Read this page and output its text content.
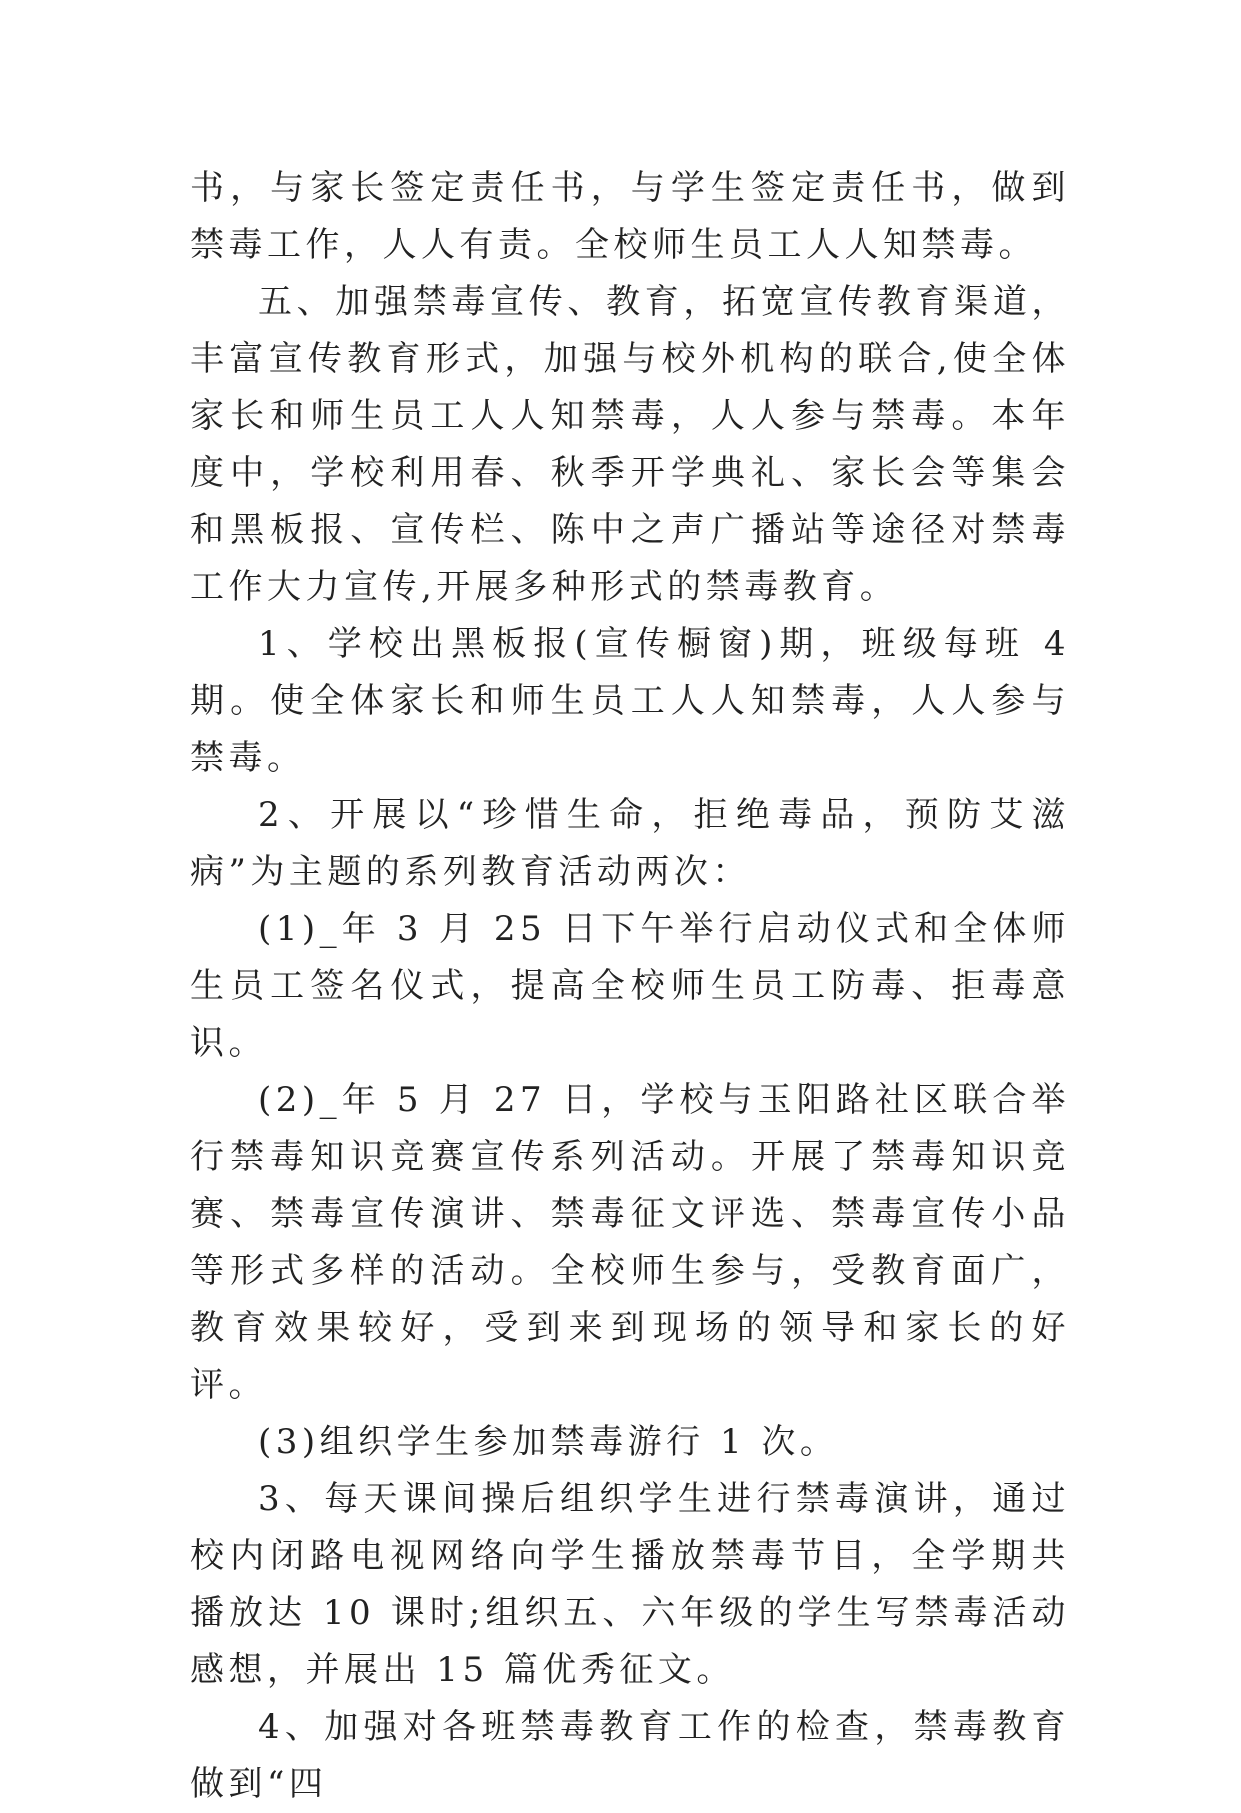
书，与家长签定责任书，与学生签定责任书，做到禁毒工作，人人有责。全校师生员工人人知禁毒。

五、加强禁毒宣传、教育，拓宽宣传教育渠道，丰富宣传教育形式，加强与校外机构的联合,使全体家长和师生员工人人知禁毒，人人参与禁毒。本年度中，学校利用春、秋季开学典礼、家长会等集会和黑板报、宣传栏、陈中之声广播站等途径对禁毒工作大力宣传,开展多种形式的禁毒教育。

1、学校出黑板报(宣传橱窗)期，班级每班 4 期。使全体家长和师生员工人人知禁毒，人人参与禁毒。

2、开展以“珍惜生命，拒绝毒品，预防艾滋病”为主题的系列教育活动两次：

(1)_年 3 月 25 日下午举行启动仪式和全体师生员工签名仪式，提高全校师生员工防毒、拒毒意识。

(2)_年 5 月 27 日，学校与玉阳路社区联合举行禁毒知识竞赛宣传系列活动。开展了禁毒知识竞赛、禁毒宣传演讲、禁毒征文评选、禁毒宣传小品等形式多样的活动。全校师生参与，受教育面广，教育效果较好，受到来到现场的领导和家长的好评。

(3)组织学生参加禁毒游行 1 次。

3、每天课间操后组织学生进行禁毒演讲，通过校内闭路电视网络向学生播放禁毒节目，全学期共播放达 10 课时;组织五、六年级的学生写禁毒活动感想，并展出 15 篇优秀征文。

4、加强对各班禁毒教育工作的检查，禁毒教育做到“四
